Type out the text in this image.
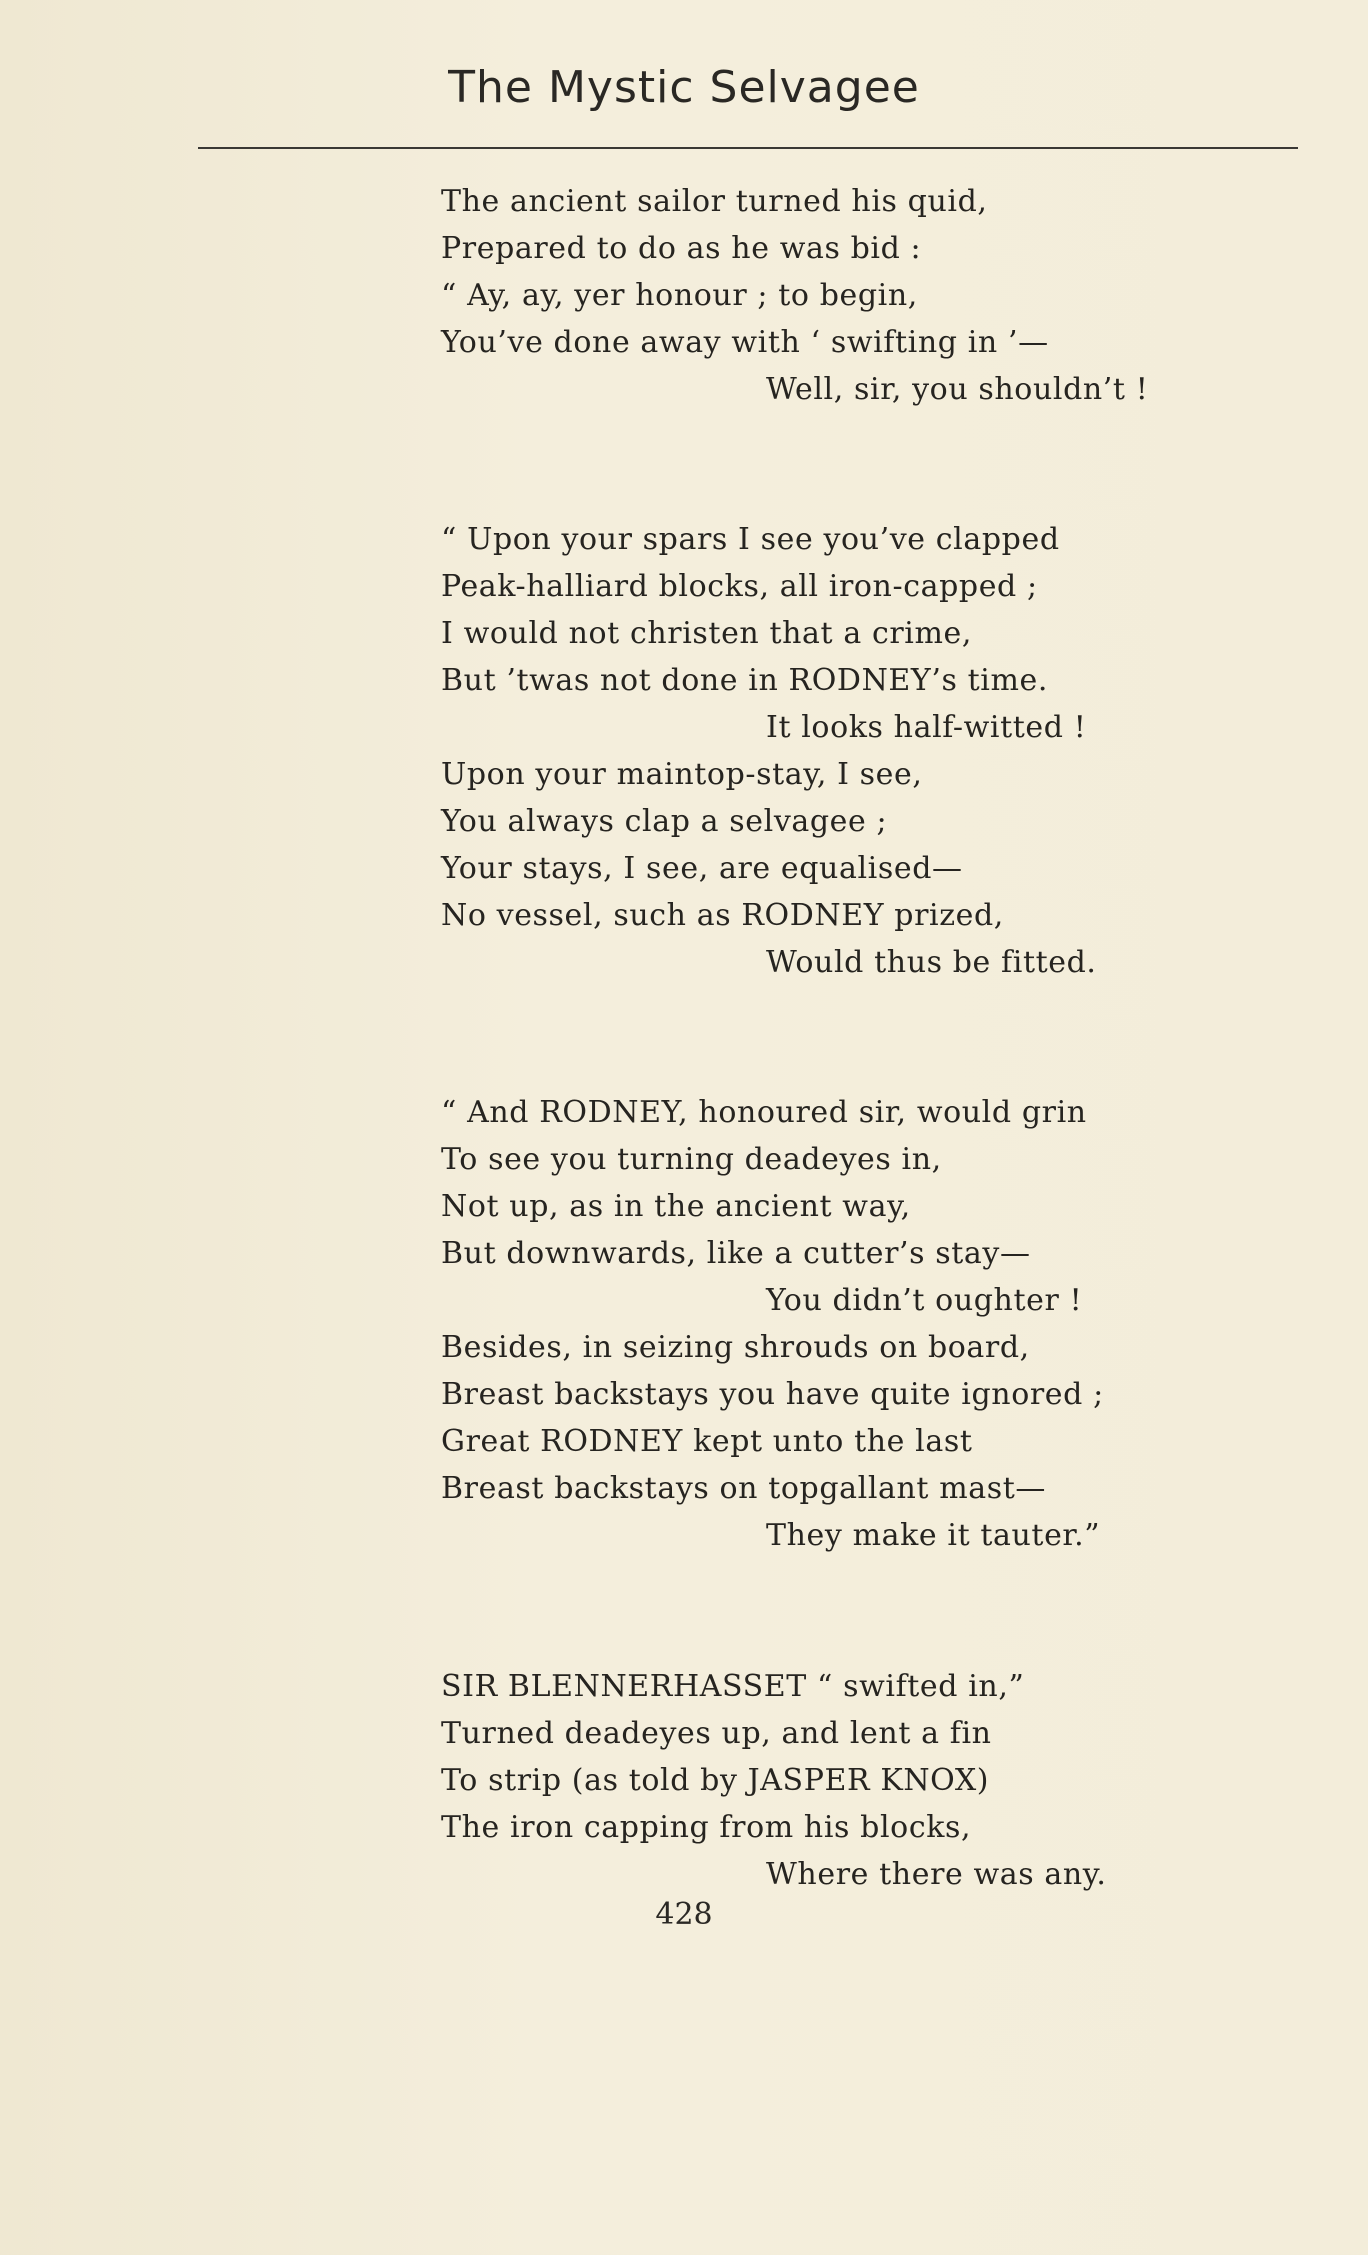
The Mystic Selvagee
The ancient sailor turned his quid,
Prepared to do as he was bid :
“ Ay, ay, yer honour ; to begin,
You’ve done away with ‘ swifting in ’—
Well, sir, you shouldn’t !
“ Upon your spars I see you’ve clapped
Peak-halliard blocks, all iron-capped ;
I would not christen that a crime,
But ’twas not done in RODNEY’s time.
It looks half-witted !
Upon your maintop-stay, I see,
You always clap a selvagee ;
Your stays, I see, are equalised—
No vessel, such as RODNEY prized,
Would thus be fitted.
“ And RODNEY, honoured sir, would grin
To see you turning deadeyes in,
Not up, as in the ancient way,
But downwards, like a cutter’s stay—
You didn’t oughter !
Besides, in seizing shrouds on board,
Breast backstays you have quite ignored ;
Great RODNEY kept unto the last
Breast backstays on topgallant mast—
They make it tauter.”
SIR BLENNERHASSET “ swifted in,”
Turned deadeyes up, and lent a fin
To strip (as told by JASPER KNOX)
The iron capping from his blocks,
Where there was any.
428
